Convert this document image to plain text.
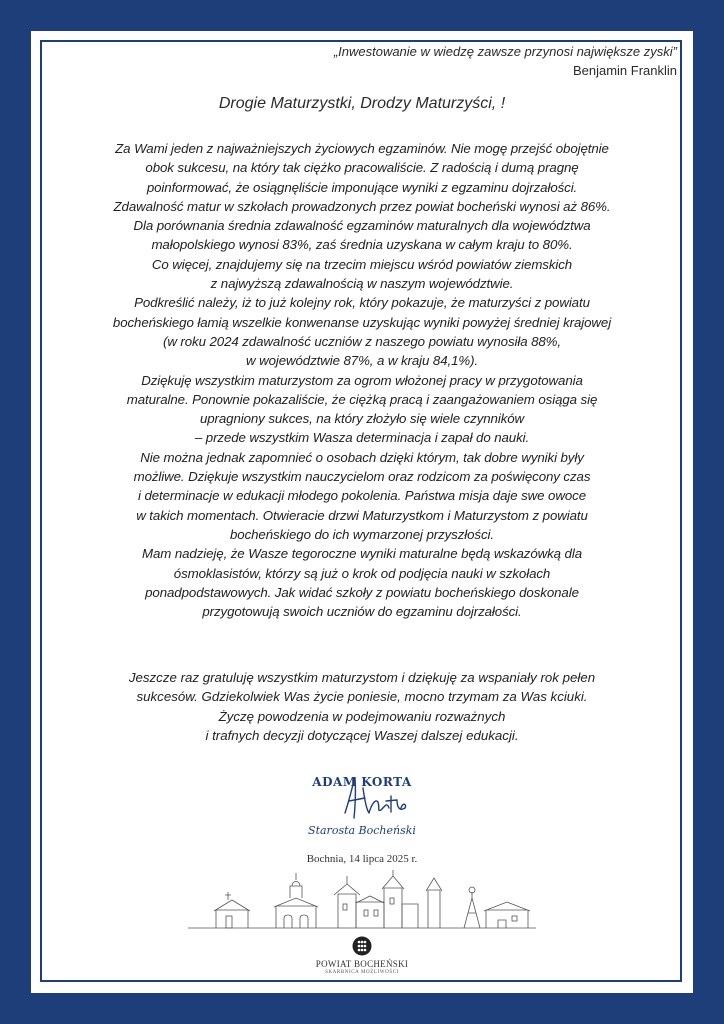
„Inwestowanie w wiedzę zawsze przynosi największe zyski”
Benjamin Franklin
Drogie Maturzystki, Drodzy Maturzyści, !
Za Wami jeden z najważniejszych życiowych egzaminów. Nie mogę przejść obojętnie
obok sukcesu, na który tak ciężko pracowaliście. Z radością i dumą pragnę
poinformować, że osiągnęliście imponujące wyniki z egzaminu dojrzałości.
Zdawalność matur w szkołach prowadzonych przez powiat bocheński wynosi aż 86%.
Dla porównania średnia zdawalność egzaminów maturalnych dla województwa
małopolskiego wynosi 83%, zaś średnia uzyskana w całym kraju to 80%.
Co więcej, znajdujemy się na trzecim miejscu wśród powiatów ziemskich
z najwyższą zdawalnością w naszym województwie.
Podkreślić należy, iż to już kolejny rok, który pokazuje, że maturzyści z powiatu
bocheńskiego łamią wszelkie konwenanse uzyskując wyniki powyżej średniej krajowej
(w roku 2024 zdawalność uczniów z naszego powiatu wynosiła 88%,
w województwie 87%, a w kraju 84,1%).
Dziękuję wszystkim maturzystom za ogrom włożonej pracy w przygotowania
maturalne. Ponownie pokazaliście, że ciężką pracą i zaangażowaniem osiąga się
upragniony sukces, na który złożyło się wiele czynników
– przede wszystkim Wasza determinacja i zapał do nauki.
Nie można jednak zapomnieć o osobach dzięki którym, tak dobre wyniki były
możliwe. Dziękuje wszystkim nauczycielom oraz rodzicom za poświęcony czas
i determinacje w edukacji młodego pokolenia. Państwa misja daje swe owoce
w takich momentach. Otwieracie drzwi Maturzystkom i Maturzystom z powiatu
bocheńskiego do ich wymarzonej przyszłości.
Mam nadzieję, że Wasze tegoroczne wyniki maturalne będą wskazówką dla
ósmoklasistów, którzy są już o krok od podjęcia nauki w szkołach
ponadpodstawowych. Jak widać szkoły z powiatu bocheńskiego doskonale
przygotowują swoich uczniów do egzaminu dojrzałości.
Jeszcze raz gratuluję wszystkim maturzystom i dziękuję za wspaniały rok pełen
sukcesów. Gdziekolwiek Was życie poniesie, mocno trzymam za Was kciuki.
Życzę powodzenia w podejmowaniu rozważnych
i trafnych decyzji dotyczącej Waszej dalszej edukacji.
ADAM KORTA
Starosta Bocheński
Bochnia, 14 lipca 2025 r.
POWIAT BOCHEŃSKI
SKARBNICA MOŻLIWOŚCI
